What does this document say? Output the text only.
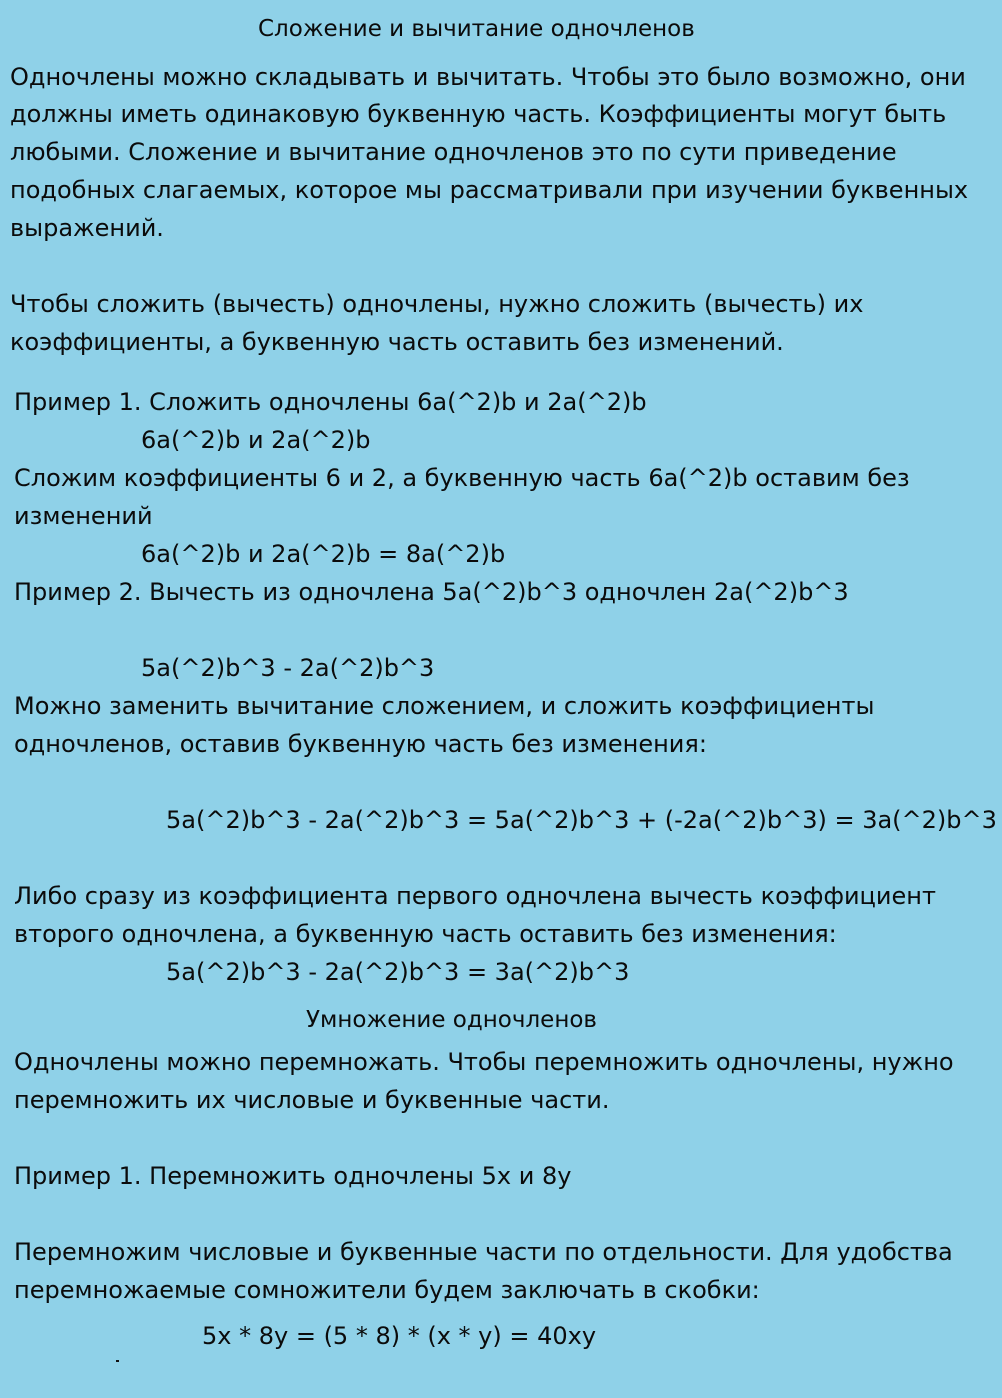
Сложение и вычитание одночленов
Одночлены можно складывать и вычитать. Чтобы это было возможно, они
должны иметь одинаковую буквенную часть. Коэффициенты могут быть
любыми. Сложение и вычитание одночленов это по сути приведение
подобных слагаемых, которое мы рассматривали при изучении буквенных
выражений.
Чтобы сложить (вычесть) одночлены, нужно сложить (вычесть) их
коэффициенты, а буквенную часть оставить без изменений.
Пример 1. Сложить одночлены 6a(^2)b и 2a(^2)b
6a(^2)b и 2a(^2)b
Сложим коэффициенты 6 и 2, а буквенную часть 6a(^2)b оставим без
изменений
6a(^2)b и 2a(^2)b = 8a(^2)b
Пример 2. Вычесть из одночлена 5a(^2)b^3 одночлен 2a(^2)b^3
5a(^2)b^3 - 2a(^2)b^3
Можно заменить вычитание сложением, и сложить коэффициенты
одночленов, оставив буквенную часть без изменения:
5a(^2)b^3 - 2a(^2)b^3 = 5a(^2)b^3 + (-2a(^2)b^3) = 3a(^2)b^3
Либо сразу из коэффициента первого одночлена вычесть коэффициент
второго одночлена, а буквенную часть оставить без изменения:
5a(^2)b^3 - 2a(^2)b^3 = 3a(^2)b^3
Умножение одночленов
Одночлены можно перемножать. Чтобы перемножить одночлены, нужно
перемножить их числовые и буквенные части.
Пример 1. Перемножить одночлены 5x и 8y
Перемножим числовые и буквенные части по отдельности. Для удобства
перемножаемые сомножители будем заключать в скобки:
5x * 8y = (5 * 8) * (x * y) = 40xy
